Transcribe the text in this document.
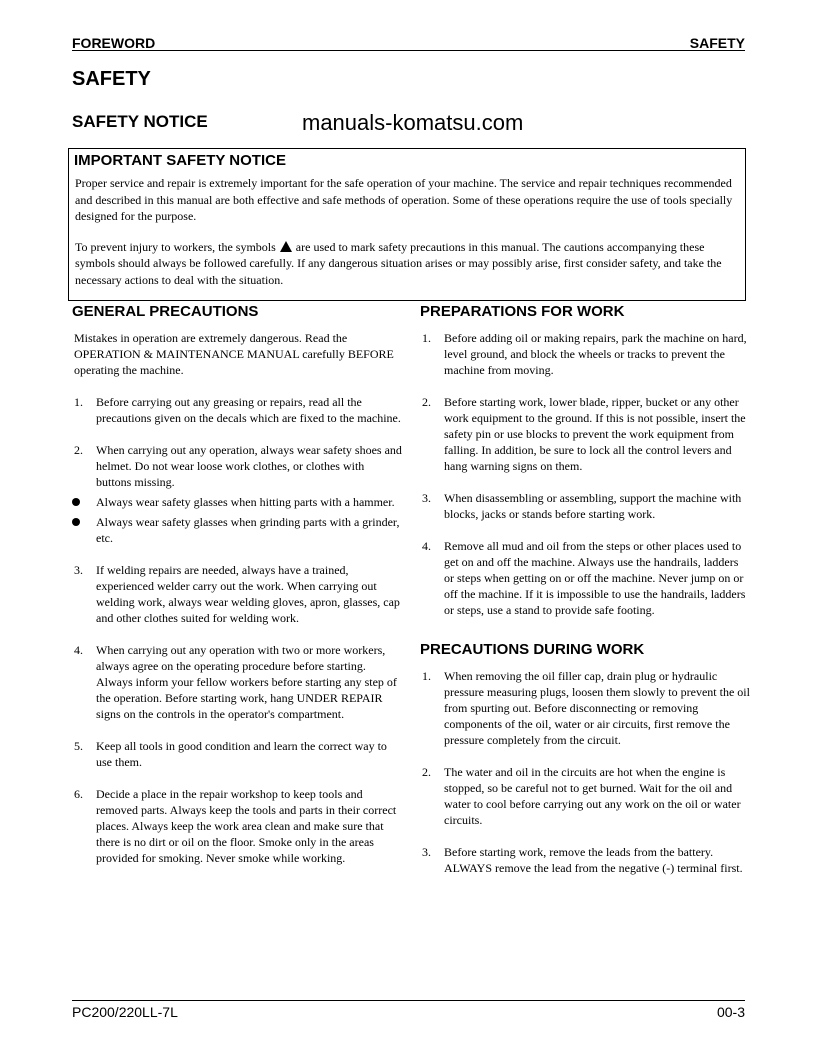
FOREWORD	SAFETY
SAFETY
SAFETY NOTICE	manuals-komatsu.com
IMPORTANT SAFETY NOTICE

Proper service and repair is extremely important for the safe operation of your machine. The service and repair techniques recommended and described in this manual are both effective and safe methods of operation. Some of these operations require the use of tools specially designed for the purpose.

To prevent injury to workers, the symbols are used to mark safety precautions in this manual. The cautions accompanying these symbols should always be followed carefully. If any dangerous situation arises or may possibly arise, first consider safety, and take the necessary actions to deal with the situation.

GENERAL PRECAUTIONS
Mistakes in operation are extremely dangerous. Read the OPERATION & MAINTENANCE MANUAL carefully BEFORE operating the machine.
1. Before carrying out any greasing or repairs, read all the precautions given on the decals which are fixed to the machine.
2. When carrying out any operation, always wear safety shoes and helmet. Do not wear loose work clothes, or clothes with buttons missing.
Always wear safety glasses when hitting parts with a hammer.
Always wear safety glasses when grinding parts with a grinder, etc.
3. If welding repairs are needed, always have a trained, experienced welder carry out the work. When carrying out welding work, always wear welding gloves, apron, glasses, cap and other clothes suited for welding work.
4. When carrying out any operation with two or more workers, always agree on the operating procedure before starting. Always inform your fellow workers before starting any step of the operation. Before starting work, hang UNDER REPAIR signs on the controls in the operator's compartment.
5. Keep all tools in good condition and learn the correct way to use them.
6. Decide a place in the repair workshop to keep tools and removed parts. Always keep the tools and parts in their correct places. Always keep the work area clean and make sure that there is no dirt or oil on the floor. Smoke only in the areas provided for smoking. Never smoke while working.
PREPARATIONS FOR WORK
1. Before adding oil or making repairs, park the machine on hard, level ground, and block the wheels or tracks to prevent the machine from moving.
2. Before starting work, lower blade, ripper, bucket or any other work equipment to the ground. If this is not possible, insert the safety pin or use blocks to prevent the work equipment from falling. In addition, be sure to lock all the control levers and hang warning signs on them.
3. When disassembling or assembling, support the machine with blocks, jacks or stands before starting work.
4. Remove all mud and oil from the steps or other places used to get on and off the machine. Always use the handrails, ladders or steps when getting on or off the machine. Never jump on or off the machine. If it is impossible to use the handrails, ladders or steps, use a stand to provide safe footing.
PRECAUTIONS DURING WORK
1. When removing the oil filler cap, drain plug or hydraulic pressure measuring plugs, loosen them slowly to prevent the oil from spurting out. Before disconnecting or removing components of the oil, water or air circuits, first remove the pressure completely from the circuit.
2. The water and oil in the circuits are hot when the engine is stopped, so be careful not to get burned. Wait for the oil and water to cool before carrying out any work on the oil or water circuits.
3. Before starting work, remove the leads from the battery. ALWAYS remove the lead from the negative (-) terminal first.
PC200/220LL-7L	00-3
